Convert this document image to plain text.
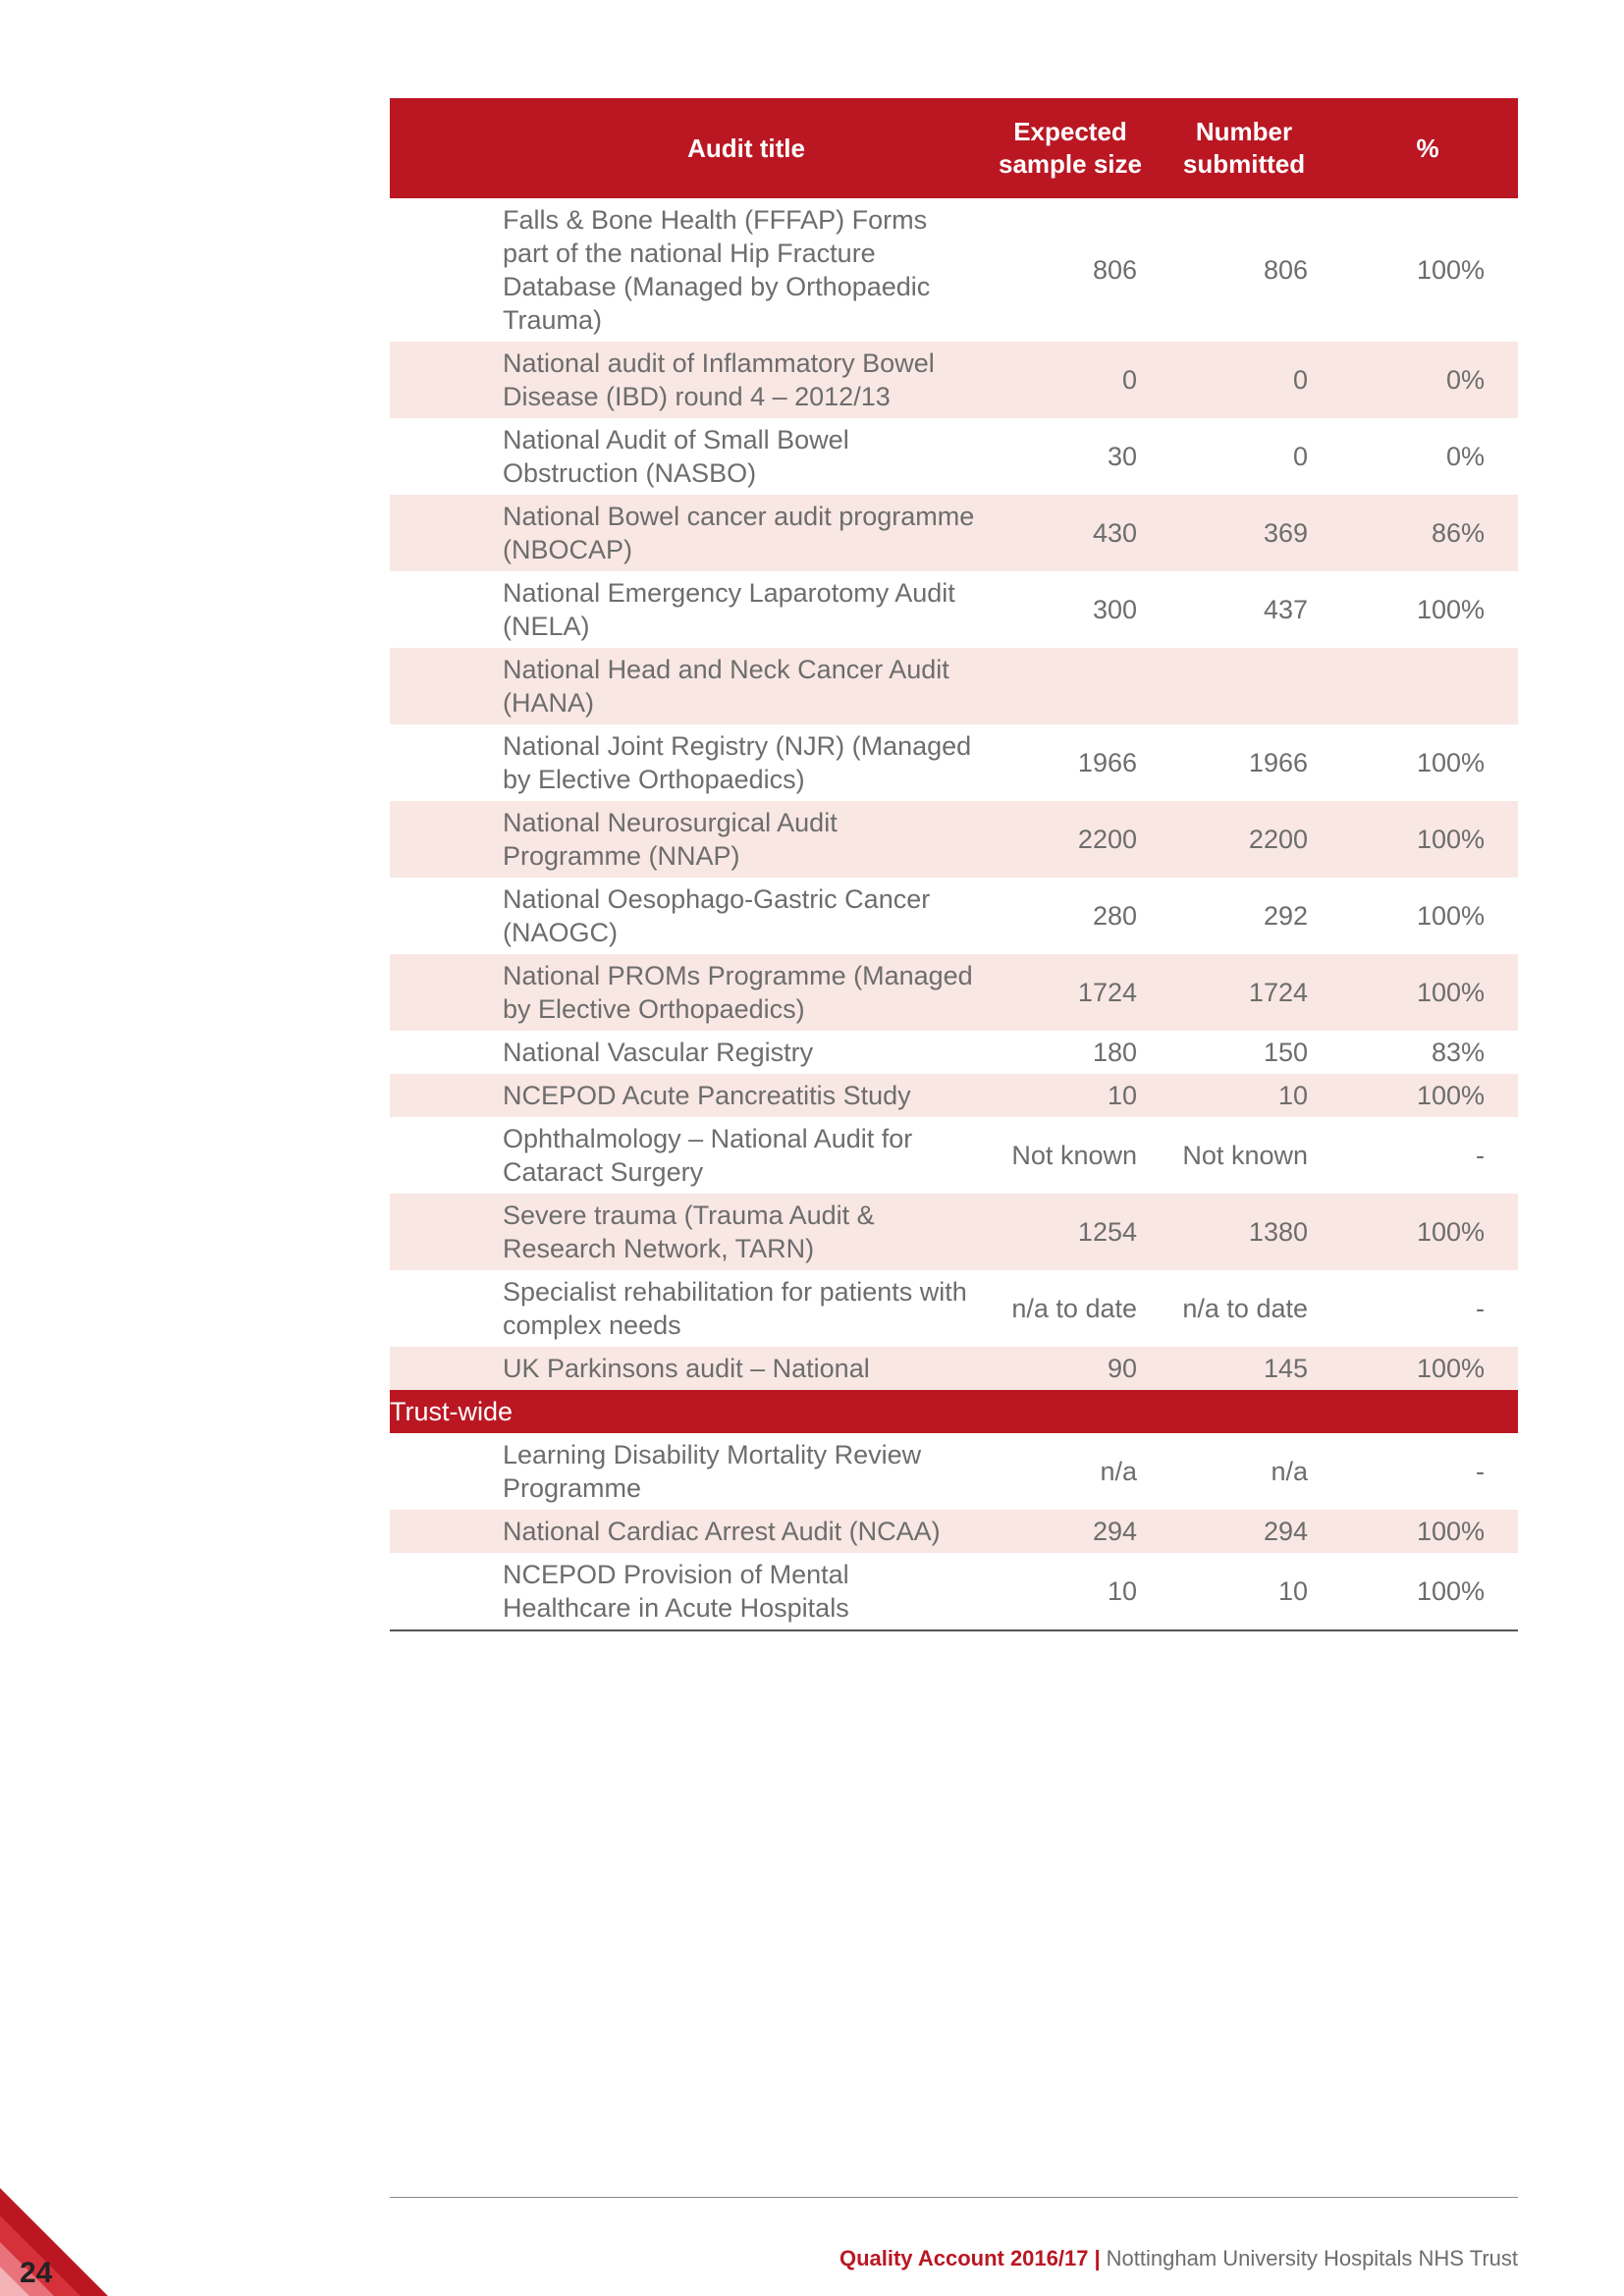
Audit title	Expected sample size	Number submitted	%
Falls & Bone Health (FFFAP) Forms part of the national Hip Fracture Database (Managed by Orthopaedic Trauma)	806	806	100%
National audit of Inflammatory Bowel Disease (IBD) round 4 – 2012/13	0	0	0%
National Audit of Small Bowel Obstruction (NASBO)	30	0	0%
National Bowel cancer audit programme (NBOCAP)	430	369	86%
National Emergency Laparotomy Audit (NELA)	300	437	100%
National Head and Neck Cancer Audit (HANA)			
National Joint Registry (NJR) (Managed by Elective Orthopaedics)	1966	1966	100%
National Neurosurgical Audit Programme (NNAP)	2200	2200	100%
National Oesophago-Gastric Cancer (NAOGC)	280	292	100%
National PROMs Programme (Managed by Elective Orthopaedics)	1724	1724	100%
National Vascular Registry	180	150	83%
NCEPOD Acute Pancreatitis Study	10	10	100%
Ophthalmology – National Audit for Cataract Surgery	Not known	Not known	-
Severe trauma (Trauma Audit & Research Network, TARN)	1254	1380	100%
Specialist rehabilitation for patients with complex needs	n/a to date	n/a to date	-
UK Parkinsons audit – National	90	145	100%
Trust-wide			
Learning Disability Mortality Review Programme	n/a	n/a	-
National Cardiac Arrest Audit (NCAA)	294	294	100%
NCEPOD Provision of Mental Healthcare in Acute Hospitals	10	10	100%
Quality Account 2016/17 | Nottingham University Hospitals NHS Trust
24
